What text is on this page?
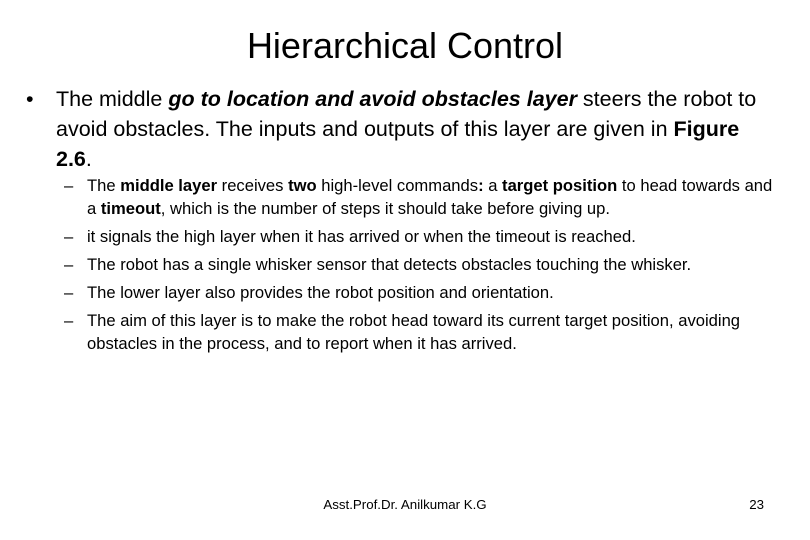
Hierarchical Control
• The middle go to location and avoid obstacles layer steers the robot to avoid obstacles. The inputs and outputs of this layer are given in Figure 2.6.
– The middle layer receives two high-level commands: a target position to head towards and a timeout, which is the number of steps it should take before giving up.
– it signals the high layer when it has arrived or when the timeout is reached.
– The robot has a single whisker sensor that detects obstacles touching the whisker.
– The lower layer also provides the robot position and orientation.
– The aim of this layer is to make the robot head toward its current target position, avoiding obstacles in the process, and to report when it has arrived.
Asst.Prof.Dr. Anilkumar K.G	23
